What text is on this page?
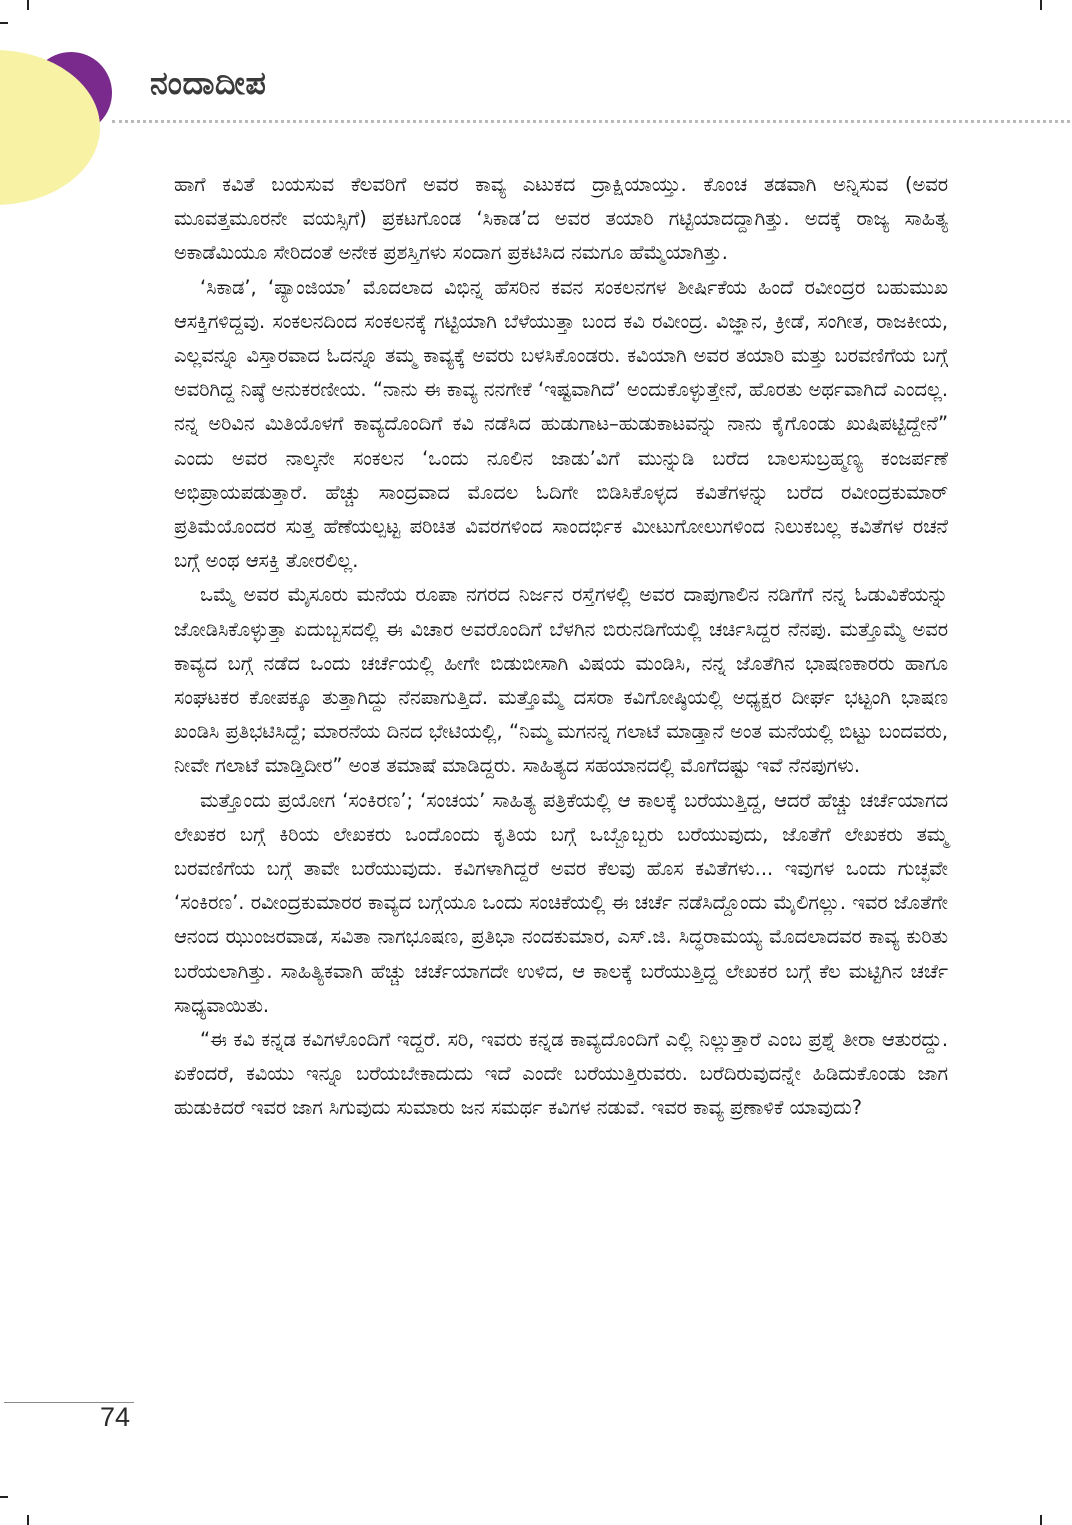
ನಂದಾದೀಪ

ಹಾಗೆ ಕವಿತೆ ಬಯಸುವ ಕೆಲವರಿಗೆ ಅವರ ಕಾವ್ಯ ಎಟುಕದ ದ್ರಾಕ್ಷಿಯಾಯ್ತು. ಕೊಂಚ ತಡವಾಗಿ ಅನ್ನಿಸುವ (ಅವರ ಮೂವತ್ತಮೂರನೇ ವಯಸ್ಸಿಗೆ) ಪ್ರಕಟಗೊಂಡ ‘ಸಿಕಾಡ’ದ ಅವರ ತಯಾರಿ ಗಟ್ಟಿಯಾದದ್ದಾಗಿತ್ತು. ಅದಕ್ಕೆ ರಾಜ್ಯ ಸಾಹಿತ್ಯ ಅಕಾಡೆಮಿಯೂ ಸೇರಿದಂತೆ ಅನೇಕ ಪ್ರಶಸ್ತಿಗಳು ಸಂದಾಗ ಪ್ರಕಟಿಸಿದ ನಮಗೂ ಹೆಮ್ಮೆಯಾಗಿತ್ತು.

‘ಸಿಕಾಡ’, ‘ಪ್ಯಾಂಜಿಯಾ’ ಮೊದಲಾದ ವಿಭಿನ್ನ ಹೆಸರಿನ ಕವನ ಸಂಕಲನಗಳ ಶೀರ್ಷಿಕೆಯ ಹಿಂದೆ ರವೀಂದ್ರರ ಬಹುಮುಖ ಆಸಕ್ತಿಗಳಿದ್ದವು. ಸಂಕಲನದಿಂದ ಸಂಕಲನಕ್ಕೆ ಗಟ್ಟಿಯಾಗಿ ಬೆಳೆಯುತ್ತಾ ಬಂದ ಕವಿ ರವೀಂದ್ರ. ವಿಜ್ಞಾನ, ಕ್ರೀಡೆ, ಸಂಗೀತ, ರಾಜಕೀಯ, ಎಲ್ಲವನ್ನೂ ವಿಸ್ತಾರವಾದ ಓದನ್ನೂ ತಮ್ಮ ಕಾವ್ಯಕ್ಕೆ ಅವರು ಬಳಸಿಕೊಂಡರು. ಕವಿಯಾಗಿ ಅವರ ತಯಾರಿ ಮತ್ತು ಬರವಣಿಗೆಯ ಬಗ್ಗೆ ಅವರಿಗಿದ್ದ ನಿಷ್ಠೆ ಅನುಕರಣೀಯ. “ನಾನು ಈ ಕಾವ್ಯ ನನಗೇಕೆ ‘ಇಷ್ಟವಾಗಿದೆ’ ಅಂದುಕೊಳ್ಳುತ್ತೇನೆ, ಹೊರತು ಅರ್ಥವಾಗಿದೆ ಎಂದಲ್ಲ. ನನ್ನ ಅರಿವಿನ ಮಿತಿಯೊಳಗೆ ಕಾವ್ಯದೊಂದಿಗೆ ಕವಿ ನಡೆಸಿದ ಹುಡುಗಾಟ–ಹುಡುಕಾಟವನ್ನು ನಾನು ಕೈಗೊಂಡು ಖುಷಿಪಟ್ಟಿದ್ದೇನೆ” ಎಂದು ಅವರ ನಾಲ್ಕನೇ ಸಂಕಲನ ‘ಒಂದು ನೂಲಿನ ಜಾಡು’ವಿಗೆ ಮುನ್ನುಡಿ ಬರೆದ ಬಾಲಸುಬ್ರಹ್ಮಣ್ಯ ಕಂಜರ್ಪಣೆ ಅಭಿಪ್ರಾಯಪಡುತ್ತಾರೆ. ಹೆಚ್ಚು ಸಾಂದ್ರವಾದ ಮೊದಲ ಓದಿಗೇ ಬಿಡಿಸಿಕೊಳ್ಳದ ಕವಿತೆಗಳನ್ನು ಬರೆದ ರವೀಂದ್ರಕುಮಾರ್ ಪ್ರತಿಮೆಯೊಂದರ ಸುತ್ತ ಹೆಣೆಯಲ್ಪಟ್ಟ ಪರಿಚಿತ ವಿವರಗಳಿಂದ ಸಾಂದರ್ಭಿಕ ಮೀಟುಗೋಲುಗಳಿಂದ ನಿಲುಕಬಲ್ಲ ಕವಿತೆಗಳ ರಚನೆ ಬಗ್ಗೆ ಅಂಥ ಆಸಕ್ತಿ ತೋರಲಿಲ್ಲ.

ಒಮ್ಮೆ ಅವರ ಮೈಸೂರು ಮನೆಯ ರೂಪಾ ನಗರದ ನಿರ್ಜನ ರಸ್ತೆಗಳಲ್ಲಿ ಅವರ ದಾಪುಗಾಲಿನ ನಡಿಗೆಗೆ ನನ್ನ ಓಡುವಿಕೆಯನ್ನು ಜೋಡಿಸಿಕೊಳ್ಳುತ್ತಾ ಏದುಬ್ಬಸದಲ್ಲಿ ಈ ವಿಚಾರ ಅವರೊಂದಿಗೆ ಬೆಳಗಿನ ಬಿರುನಡಿಗೆಯಲ್ಲಿ ಚರ್ಚಿಸಿದ್ದರ ನೆನಪು. ಮತ್ತೊಮ್ಮೆ ಅವರ ಕಾವ್ಯದ ಬಗ್ಗೆ ನಡೆದ ಒಂದು ಚರ್ಚೆಯಲ್ಲಿ ಹೀಗೇ ಬಿಡುಬೀಸಾಗಿ ವಿಷಯ ಮಂಡಿಸಿ, ನನ್ನ ಜೊತೆಗಿನ ಭಾಷಣಕಾರರು ಹಾಗೂ ಸಂಘಟಕರ ಕೋಪಕ್ಕೂ ತುತ್ತಾಗಿದ್ದು ನೆನಪಾಗುತ್ತಿದೆ. ಮತ್ತೊಮ್ಮೆ ದಸರಾ ಕವಿಗೋಷ್ಠಿಯಲ್ಲಿ ಅಧ್ಯಕ್ಷರ ದೀರ್ಘ ಭಟ್ಟಂಗಿ ಭಾಷಣ ಖಂಡಿಸಿ ಪ್ರತಿಭಟಿಸಿದ್ದೆ; ಮಾರನೆಯ ದಿನದ ಭೇಟಿಯಲ್ಲಿ, “ನಿಮ್ಮ ಮಗನನ್ನ ಗಲಾಟೆ ಮಾಡ್ತಾನೆ ಅಂತ ಮನೆಯಲ್ಲಿ ಬಿಟ್ಟು ಬಂದವರು, ನೀವೇ ಗಲಾಟೆ ಮಾಡ್ತಿದೀರ” ಅಂತ ತಮಾಷೆ ಮಾಡಿದ್ದರು. ಸಾಹಿತ್ಯದ ಸಹಯಾನದಲ್ಲಿ ಮೊಗೆದಷ್ಟು ಇವೆ ನೆನಪುಗಳು.

ಮತ್ತೊಂದು ಪ್ರಯೋಗ ‘ಸಂಕಿರಣ’; ‘ಸಂಚಯ’ ಸಾಹಿತ್ಯ ಪತ್ರಿಕೆಯಲ್ಲಿ ಆ ಕಾಲಕ್ಕೆ ಬರೆಯುತ್ತಿದ್ದ, ಆದರೆ ಹೆಚ್ಚು ಚರ್ಚೆಯಾಗದ ಲೇಖಕರ ಬಗ್ಗೆ ಕಿರಿಯ ಲೇಖಕರು ಒಂದೊಂದು ಕೃತಿಯ ಬಗ್ಗೆ ಒಬ್ಬೊಬ್ಬರು ಬರೆಯುವುದು, ಜೊತೆಗೆ ಲೇಖಕರು ತಮ್ಮ ಬರವಣಿಗೆಯ ಬಗ್ಗೆ ತಾವೇ ಬರೆಯುವುದು. ಕವಿಗಳಾಗಿದ್ದರೆ ಅವರ ಕೆಲವು ಹೊಸ ಕವಿತೆಗಳು... ಇವುಗಳ ಒಂದು ಗುಚ್ಛವೇ ‘ಸಂಕಿರಣ’. ರವೀಂದ್ರಕುಮಾರರ ಕಾವ್ಯದ ಬಗ್ಗೆಯೂ ಒಂದು ಸಂಚಿಕೆಯಲ್ಲಿ ಈ ಚರ್ಚೆ ನಡೆಸಿದ್ದೊಂದು ಮೈಲಿಗಲ್ಲು. ಇವರ ಜೊತೆಗೇ ಆನಂದ ಝುಂಜರವಾಡ, ಸವಿತಾ ನಾಗಭೂಷಣ, ಪ್ರತಿಭಾ ನಂದಕುಮಾರ, ಎಸ್.ಜಿ. ಸಿದ್ಧರಾಮಯ್ಯ ಮೊದಲಾದವರ ಕಾವ್ಯ ಕುರಿತು ಬರೆಯಲಾಗಿತ್ತು. ಸಾಹಿತ್ಯಿಕವಾಗಿ ಹೆಚ್ಚು ಚರ್ಚೆಯಾಗದೇ ಉಳಿದ, ಆ ಕಾಲಕ್ಕೆ ಬರೆಯುತ್ತಿದ್ದ ಲೇಖಕರ ಬಗ್ಗೆ ಕೆಲ ಮಟ್ಟಿಗಿನ ಚರ್ಚೆ ಸಾಧ್ಯವಾಯಿತು.

“ಈ ಕವಿ ಕನ್ನಡ ಕವಿಗಳೊಂದಿಗೆ ಇದ್ದರೆ. ಸರಿ, ಇವರು ಕನ್ನಡ ಕಾವ್ಯದೊಂದಿಗೆ ಎಲ್ಲಿ ನಿಲ್ಲುತ್ತಾರೆ ಎಂಬ ಪ್ರಶ್ನೆ ತೀರಾ ಆತುರದ್ದು. ಏಕೆಂದರೆ, ಕವಿಯು ಇನ್ನೂ ಬರೆಯಬೇಕಾದುದು ಇದೆ ಎಂದೇ ಬರೆಯುತ್ತಿರುವರು. ಬರೆದಿರುವುದನ್ನೇ ಹಿಡಿದುಕೊಂಡು ಜಾಗ ಹುಡುಕಿದರೆ ಇವರ ಜಾಗ ಸಿಗುವುದು ಸುಮಾರು ಜನ ಸಮರ್ಥ ಕವಿಗಳ ನಡುವೆ. ಇವರ ಕಾವ್ಯ ಪ್ರಣಾಳಿಕೆ ಯಾವುದು?

74
